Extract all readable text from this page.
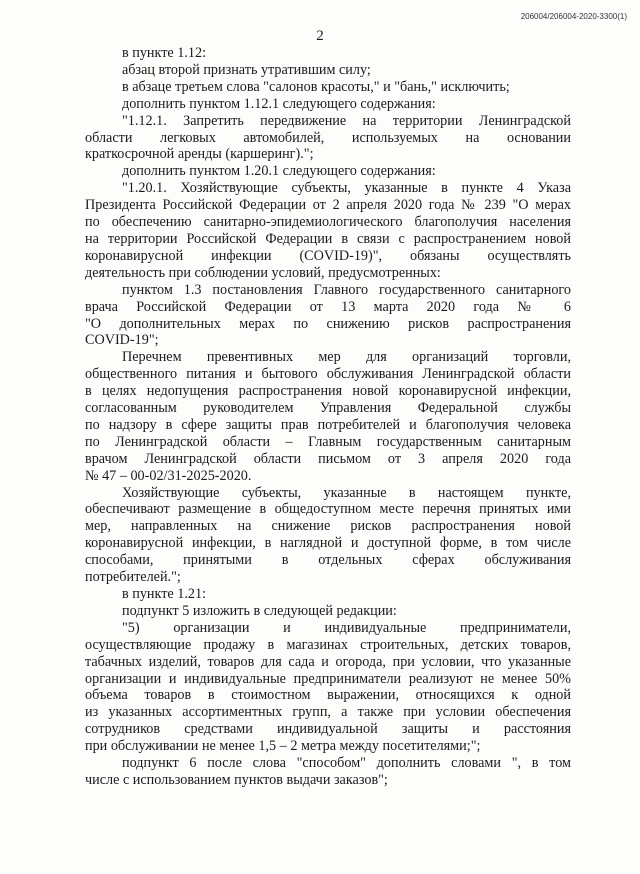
206004/206004-2020-3300(1)
2

в пункте 1.12:

абзац второй признать утратившим силу;

в абзаце третьем слова "салонов красоты," и "бань," исключить;

дополнить пунктом 1.12.1 следующего содержания:

"1.12.1. Запретить передвижение на территории Ленинградской

области легковых автомобилей, используемых на основании

краткосрочной аренды (каршеринг).";

дополнить пунктом 1.20.1 следующего содержания:

"1.20.1. Хозяйствующие субъекты, указанные в пункте 4 Указа

Президента Российской Федерации от 2 апреля 2020 года № 239 "О мерах

по обеспечению санитарно-эпидемиологического благополучия населения

на территории Российской Федерации в связи с распространением новой

коронавирусной инфекции (COVID-19)", обязаны осуществлять

деятельность при соблюдении условий, предусмотренных:

пунктом 1.3 постановления Главного государственного санитарного

врача Российской Федерации от 13 марта 2020 года № 6

"О дополнительных мерах по снижению рисков распространения

COVID-19";

Перечнем превентивных мер для организаций торговли,

общественного питания и бытового обслуживания Ленинградской области

в целях недопущения распространения новой коронавирусной инфекции,

согласованным руководителем Управления Федеральной службы

по надзору в сфере защиты прав потребителей и благополучия человека

по Ленинградской области – Главным государственным санитарным

врачом Ленинградской области письмом от 3 апреля 2020 года

№ 47 – 00-02/31-2025-2020.

Хозяйствующие субъекты, указанные в настоящем пункте,

обеспечивают размещение в общедоступном месте перечня принятых ими

мер, направленных на снижение рисков распространения новой

коронавирусной инфекции, в наглядной и доступной форме, в том числе

способами, принятыми в отдельных сферах обслуживания

потребителей.";

в пункте 1.21:

подпункт 5 изложить в следующей редакции:

"5) организации и индивидуальные предприниматели,

осуществляющие продажу в магазинах строительных, детских товаров,

табачных изделий, товаров для сада и огорода, при условии, что указанные

организации и индивидуальные предприниматели реализуют не менее 50%

объема товаров в стоимостном выражении, относящихся к одной

из указанных ассортиментных групп, а также при условии обеспечения

сотрудников средствами индивидуальной защиты и расстояния

при обслуживании не менее 1,5 – 2 метра между посетителями;";

подпункт 6 после слова "способом" дополнить словами ", в том

числе с использованием пунктов выдачи заказов";
